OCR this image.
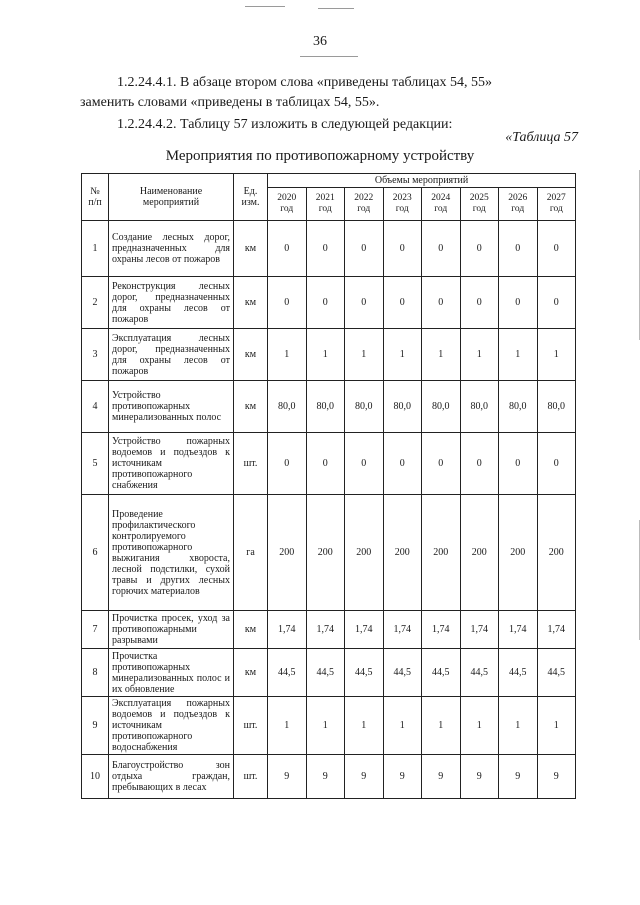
36
1.2.24.4.1. В абзаце втором слова «приведены таблицах 54, 55»
заменить словами «приведены в таблицах 54, 55».
1.2.24.4.2. Таблицу 57 изложить в следующей редакции:
«Таблица 57
Мероприятия по противопожарному устройству
№ п/п	Наименование мероприятий	Ед. изм.	Объемы мероприятий							
			2020 год	2021 год	2022 год	2023 год	2024 год	2025 год	2026 год	2027 год
1	Создание лесных дорог, предназначенных для охраны лесов от пожаров	км	0	0	0	0	0	0	0	0
2	Реконструкция лесных дорог, предназначенных для охраны лесов от пожаров	км	0	0	0	0	0	0	0	0
3	Эксплуатация лесных дорог, предназначенных для охраны лесов от пожаров	км	1	1	1	1	1	1	1	1
4	Устройство противопожарных минерализованных полос	км	80,0	80,0	80,0	80,0	80,0	80,0	80,0	80,0
5	Устройство пожарных водоемов и подъездов к источникам противопожарного снабжения	шт.	0	0	0	0	0	0	0	0
6	Проведение профилактического контролируемого противопожарного выжигания хвороста, лесной подстилки, сухой травы и других лесных горючих материалов	га	200	200	200	200	200	200	200	200
7	Прочистка просек, уход за противопожарными разрывами	км	1,74	1,74	1,74	1,74	1,74	1,74	1,74	1,74
8	Прочистка противопожарных минерализованных полос и их обновление	км	44,5	44,5	44,5	44,5	44,5	44,5	44,5	44,5
9	Эксплуатация пожарных водоемов и подъездов к источникам противопожарного водоснабжения	шт.	1	1	1	1	1	1	1	1
10	Благоустройство зон отдыха граждан, пребывающих в лесах	шт.	9	9	9	9	9	9	9	9
